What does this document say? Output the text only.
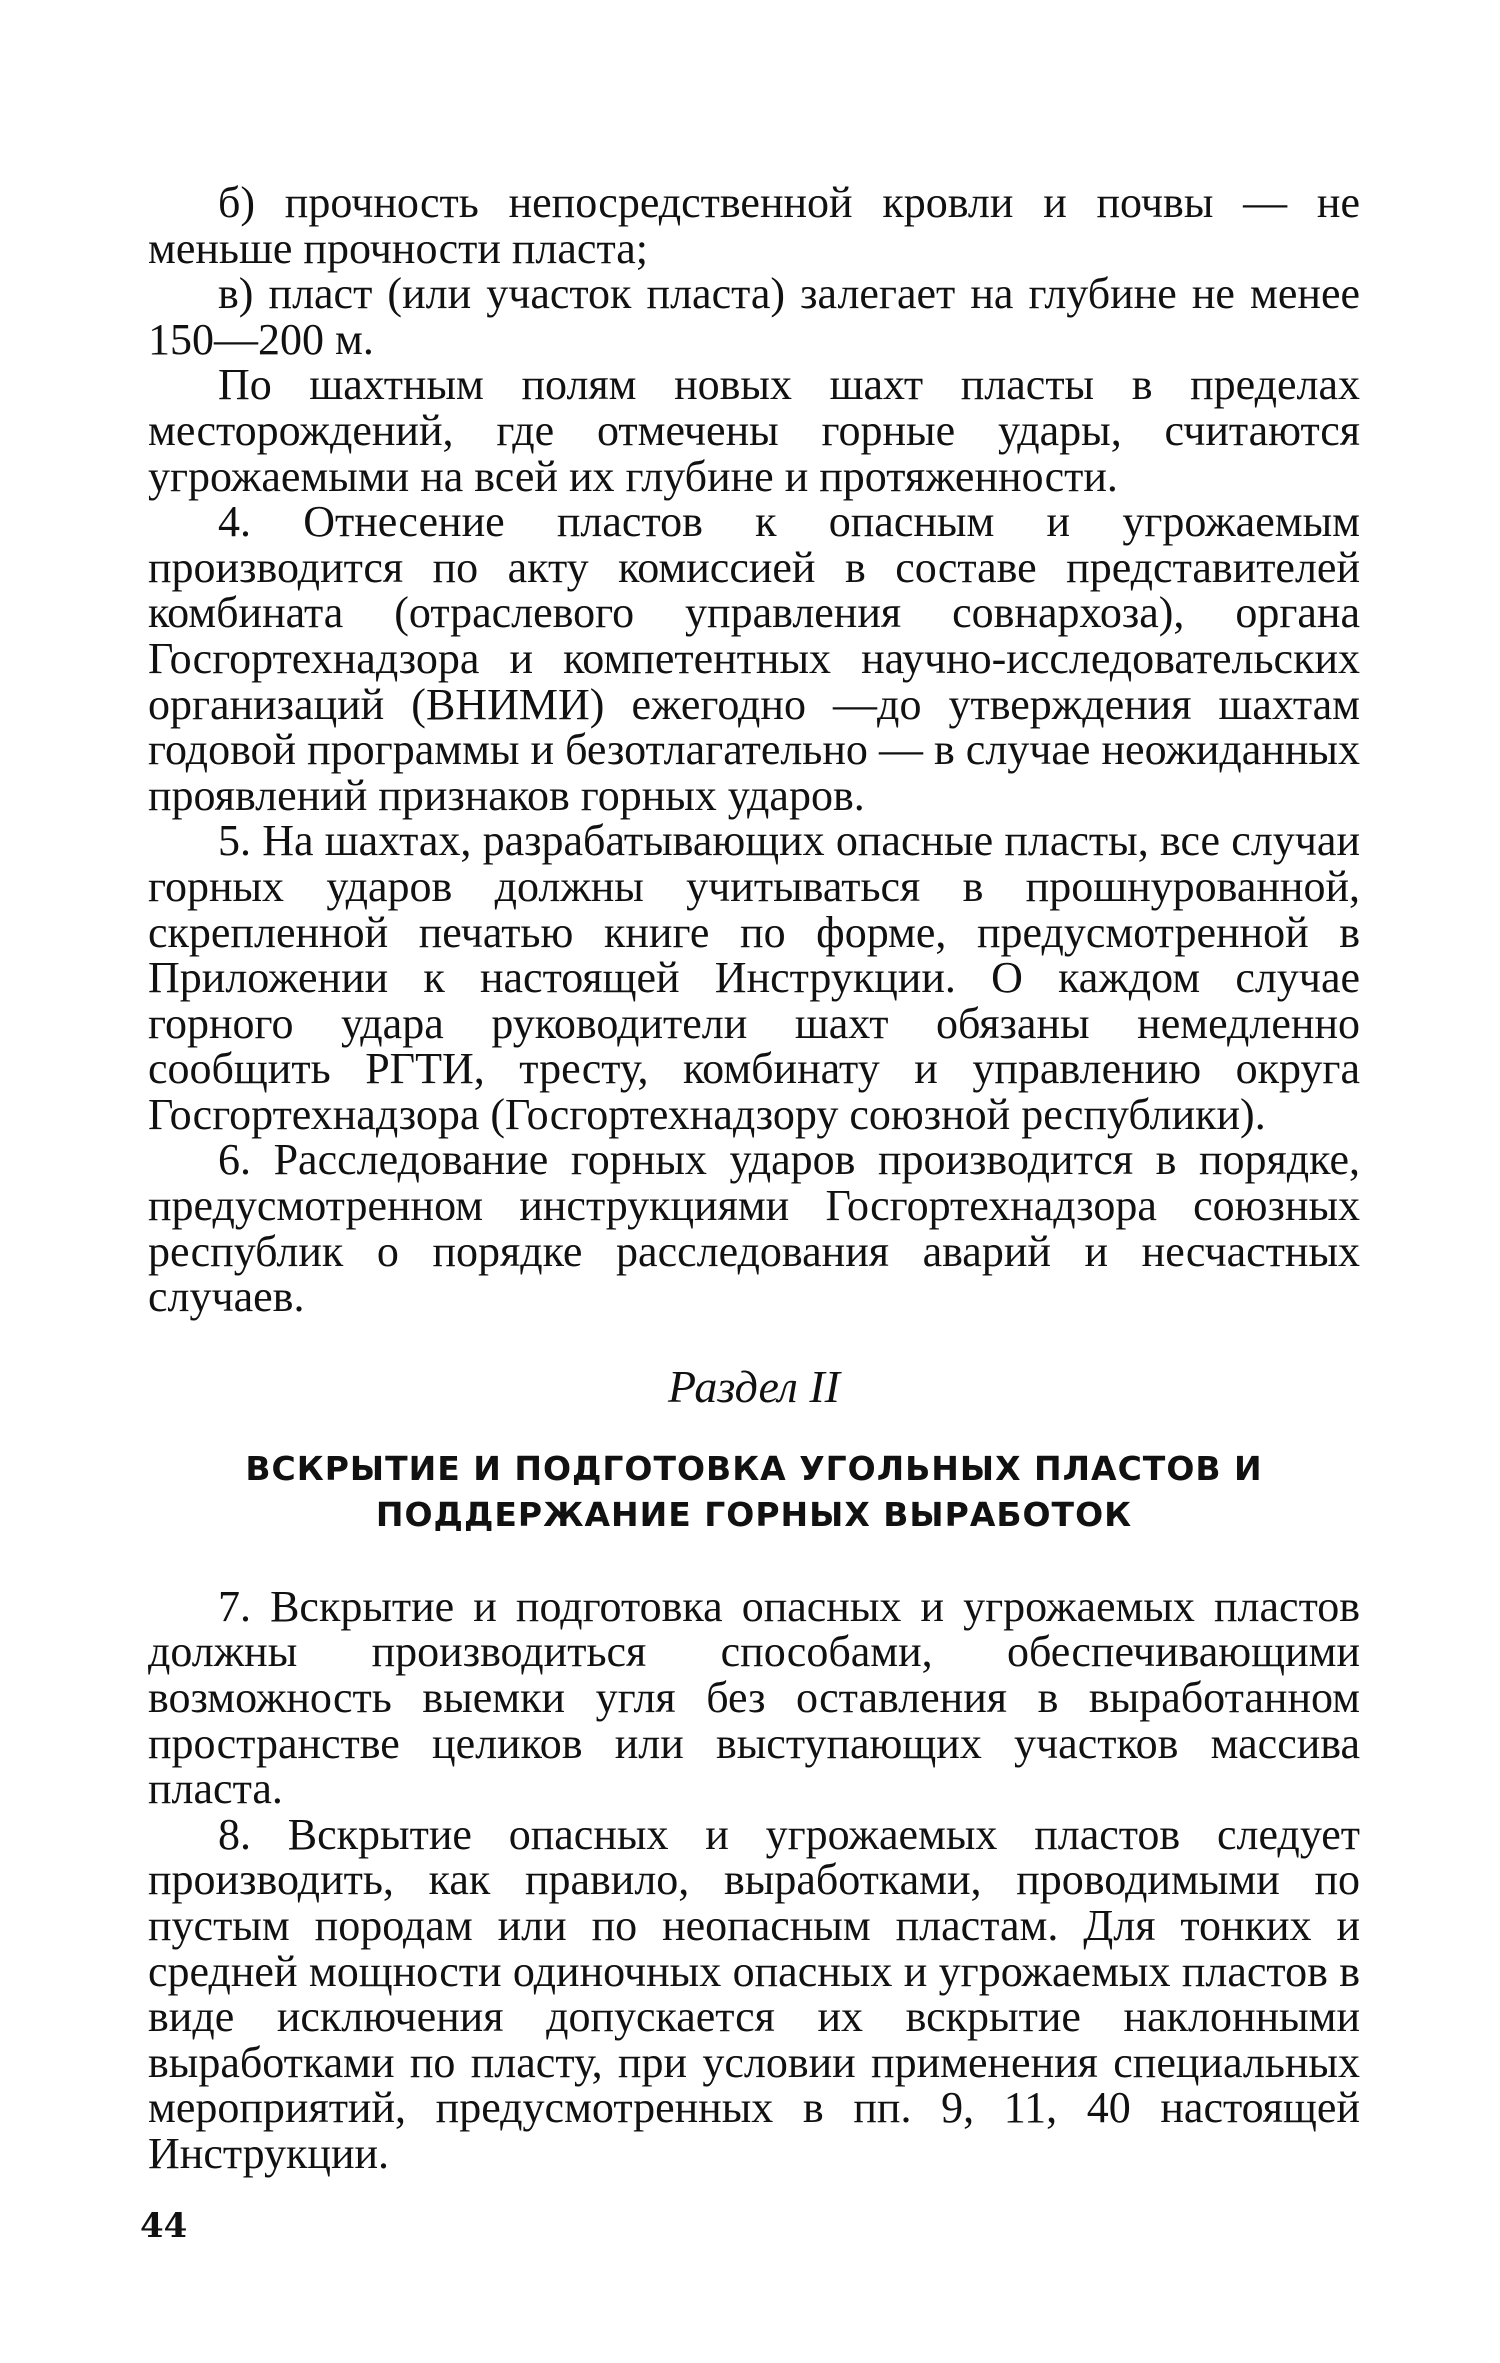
б) прочность непосредственной кровли и почвы — не меньше прочности пласта;

в) пласт (или участок пласта) залегает на глубине не менее 150—200 м.

По шахтным полям новых шахт пласты в пределах месторождений, где отмечены горные удары, считаются угрожаемыми на всей их глубине и протяженности.

4. Отнесение пластов к опасным и угрожаемым производится по акту комиссией в составе представителей комбината (отраслевого управления совнархоза), органа Госгортехнадзора и компетентных научно-исследовательских организаций (ВНИМИ) ежегодно —до утверждения шахтам годовой программы и безотлагательно — в случае неожиданных проявлений признаков горных ударов.

5. На шахтах, разрабатывающих опасные пласты, все случаи горных ударов должны учитываться в прошнурованной, скрепленной печатью книге по форме, предусмотренной в Приложении к настоящей Инструкции. О каждом случае горного удара руководители шахт обязаны немедленно сообщить РГТИ, тресту, комбинату и управлению округа Госгортехнадзора (Госгортехнадзору союзной республики).

6. Расследование горных ударов производится в порядке, предусмотренном инструкциями Госгортехнадзора союзных республик о порядке расследования аварий и несчастных случаев.

Раздел II
ВСКРЫТИЕ И ПОДГОТОВКА УГОЛЬНЫХ ПЛАСТОВ И
ПОДДЕРЖАНИЕ ГОРНЫХ ВЫРАБОТОК

7. Вскрытие и подготовка опасных и угрожаемых пластов должны производиться способами, обеспечивающими возможность выемки угля без оставления в выработанном пространстве целиков или выступающих участков массива пласта.

8. Вскрытие опасных и угрожаемых пластов следует производить, как правило, выработками, проводимыми по пустым породам или по неопасным пластам. Для тонких и средней мощности одиночных опасных и угрожаемых пластов в виде исключения допускается их вскрытие наклонными выработками по пласту, при условии применения специальных мероприятий, предусмотренных в пп. 9, 11, 40 настоящей Инструкции.

44
